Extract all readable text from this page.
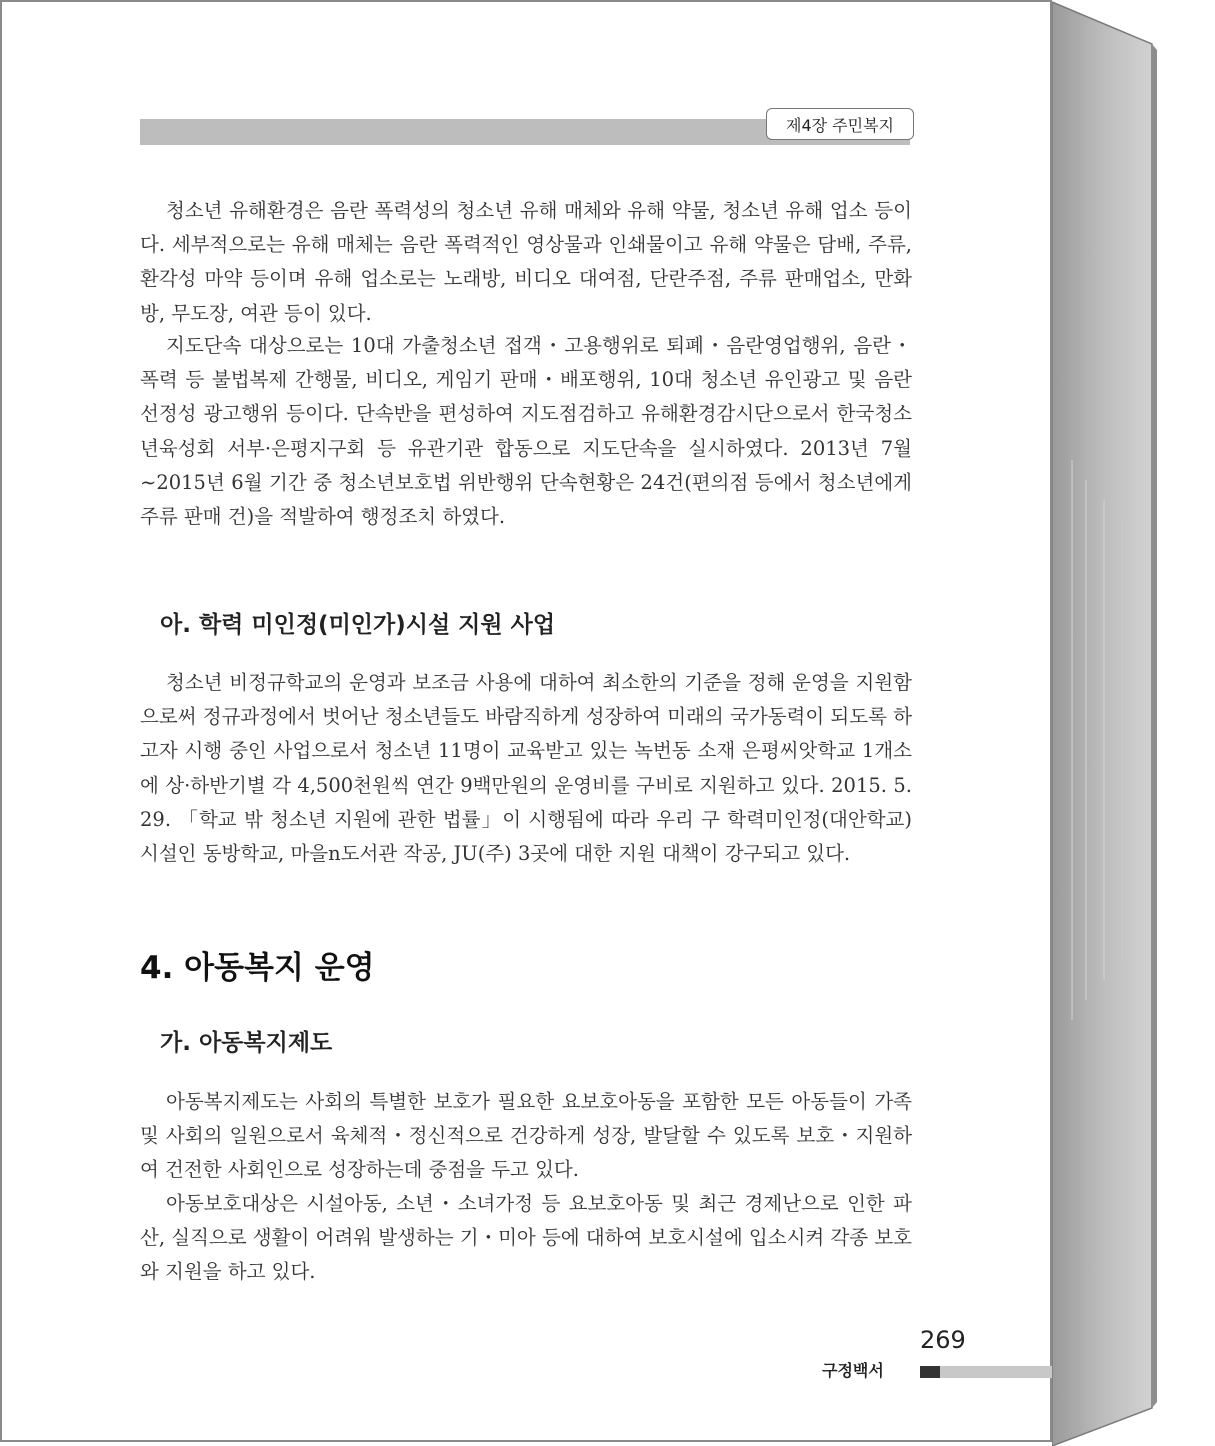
제4장 주민복지

청소년 유해환경은 음란 폭력성의 청소년 유해 매체와 유해 약물, 청소년 유해 업소 등이다. 세부적으로는 유해 매체는 음란 폭력적인 영상물과 인쇄물이고 유해 약물은 담배, 주류, 환각성 마약 등이며 유해 업소로는 노래방, 비디오 대여점, 단란주점, 주류 판매업소, 만화방, 무도장, 여관 등이 있다.

지도단속 대상으로는 10대 가출청소년 접객・고용행위로 퇴폐・음란영업행위, 음란・폭력 등 불법복제 간행물, 비디오, 게임기 판매・배포행위, 10대 청소년 유인광고 및 음란 선정성 광고행위 등이다. 단속반을 편성하여 지도점검하고 유해환경감시단으로서 한국청소년육성회 서부·은평지구회 등 유관기관 합동으로 지도단속을 실시하였다. 2013년 7월∼2015년 6월 기간 중 청소년보호법 위반행위 단속현황은 24건(편의점 등에서 청소년에게 주류 판매 건)을 적발하여 행정조치 하였다.

아. 학력 미인정(미인가)시설 지원 사업

청소년 비정규학교의 운영과 보조금 사용에 대하여 최소한의 기준을 정해 운영을 지원함으로써 정규과정에서 벗어난 청소년들도 바람직하게 성장하여 미래의 국가동력이 되도록 하고자 시행 중인 사업으로서 청소년 11명이 교육받고 있는 녹번동 소재 은평씨앗학교 1개소에 상·하반기별 각 4,500천원씩 연간 9백만원의 운영비를 구비로 지원하고 있다. 2015. 5. 29. 「학교 밖 청소년 지원에 관한 법률」이 시행됨에 따라 우리 구 학력미인정(대안학교)시설인 동방학교, 마을n도서관 작공, JU(주) 3곳에 대한 지원 대책이 강구되고 있다.

4. 아동복지 운영
가. 아동복지제도

아동복지제도는 사회의 특별한 보호가 필요한 요보호아동을 포함한 모든 아동들이 가족 및 사회의 일원으로서 육체적・정신적으로 건강하게 성장, 발달할 수 있도록 보호・지원하여 건전한 사회인으로 성장하는데 중점을 두고 있다.

아동보호대상은 시설아동, 소년・소녀가정 등 요보호아동 및 최근 경제난으로 인한 파산, 실직으로 생활이 어려워 발생하는 기・미아 등에 대하여 보호시설에 입소시켜 각종 보호와 지원을 하고 있다.

269
구정백서
